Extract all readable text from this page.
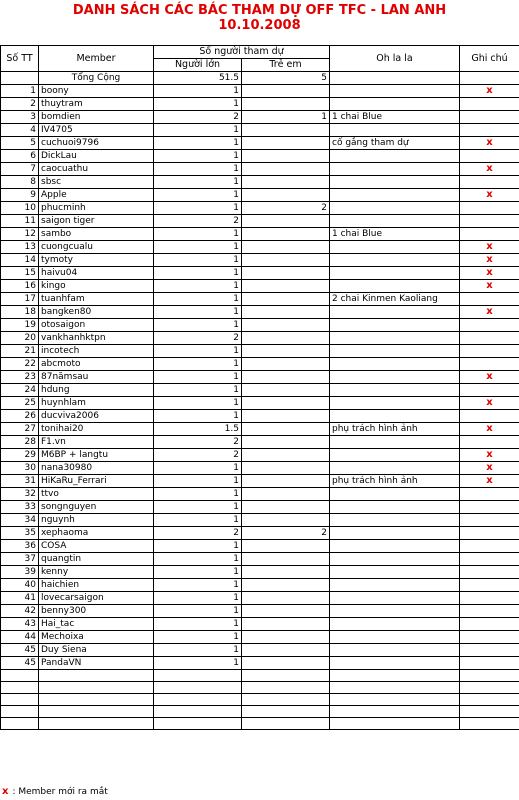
DANH SÁCH CÁC BÁC THAM DỰ OFF TFC - LAN ANH
10.10.2008
Số TT	Member	Số người tham dự		Oh la la	Ghi chú
		Người lớn	Trẻ em		
	Tổng Cộng	51.5	5		
1	boony	1			x
2	thuytram	1			
3	bomdien	2	1	1 chai Blue	
4	IV4705	1			
5	cuchuoi9796	1		cố gắng tham dự	x
6	DickLau	1			
7	caocuathu	1			x
8	sbsc	1			
9	Apple	1			x
10	phucminh	1	2		
11	saigon tiger	2			
12	sambo	1		1 chai Blue	
13	cuongcualu	1			x
14	tymoty	1			x
15	haivu04	1			x
16	kingo	1			x
17	tuanhfam	1		2 chai Kinmen Kaoliang	
18	bangken80	1			x
19	otosaigon	1			
20	vankhanhktpn	2			
21	incotech	1			
22	abcmoto	1			
23	87nămsau	1			x
24	hdung	1			
25	huynhlam	1			x
26	ducviva2006	1			
27	tonihai20	1.5		phụ trách hình ảnh	x
28	F1.vn	2			
29	M6BP + langtu	2			x
30	nana30980	1			x
31	HiKaRu_Ferrari	1		phụ trách hình ảnh	x
32	ttvo	1			
33	songnguyen	1			
34	nguynh	1			
35	xephaoma	2	2		
36	COSA	1			
37	quangtin	1			
39	kenny	1			
40	haichien	1			
41	lovecarsaigon	1			
42	benny300	1			
43	Hai_tac	1			
44	Mechoixa	1			
45	Duy Siena	1			
45	PandaVN	1			

x : Member mới ra mắt
